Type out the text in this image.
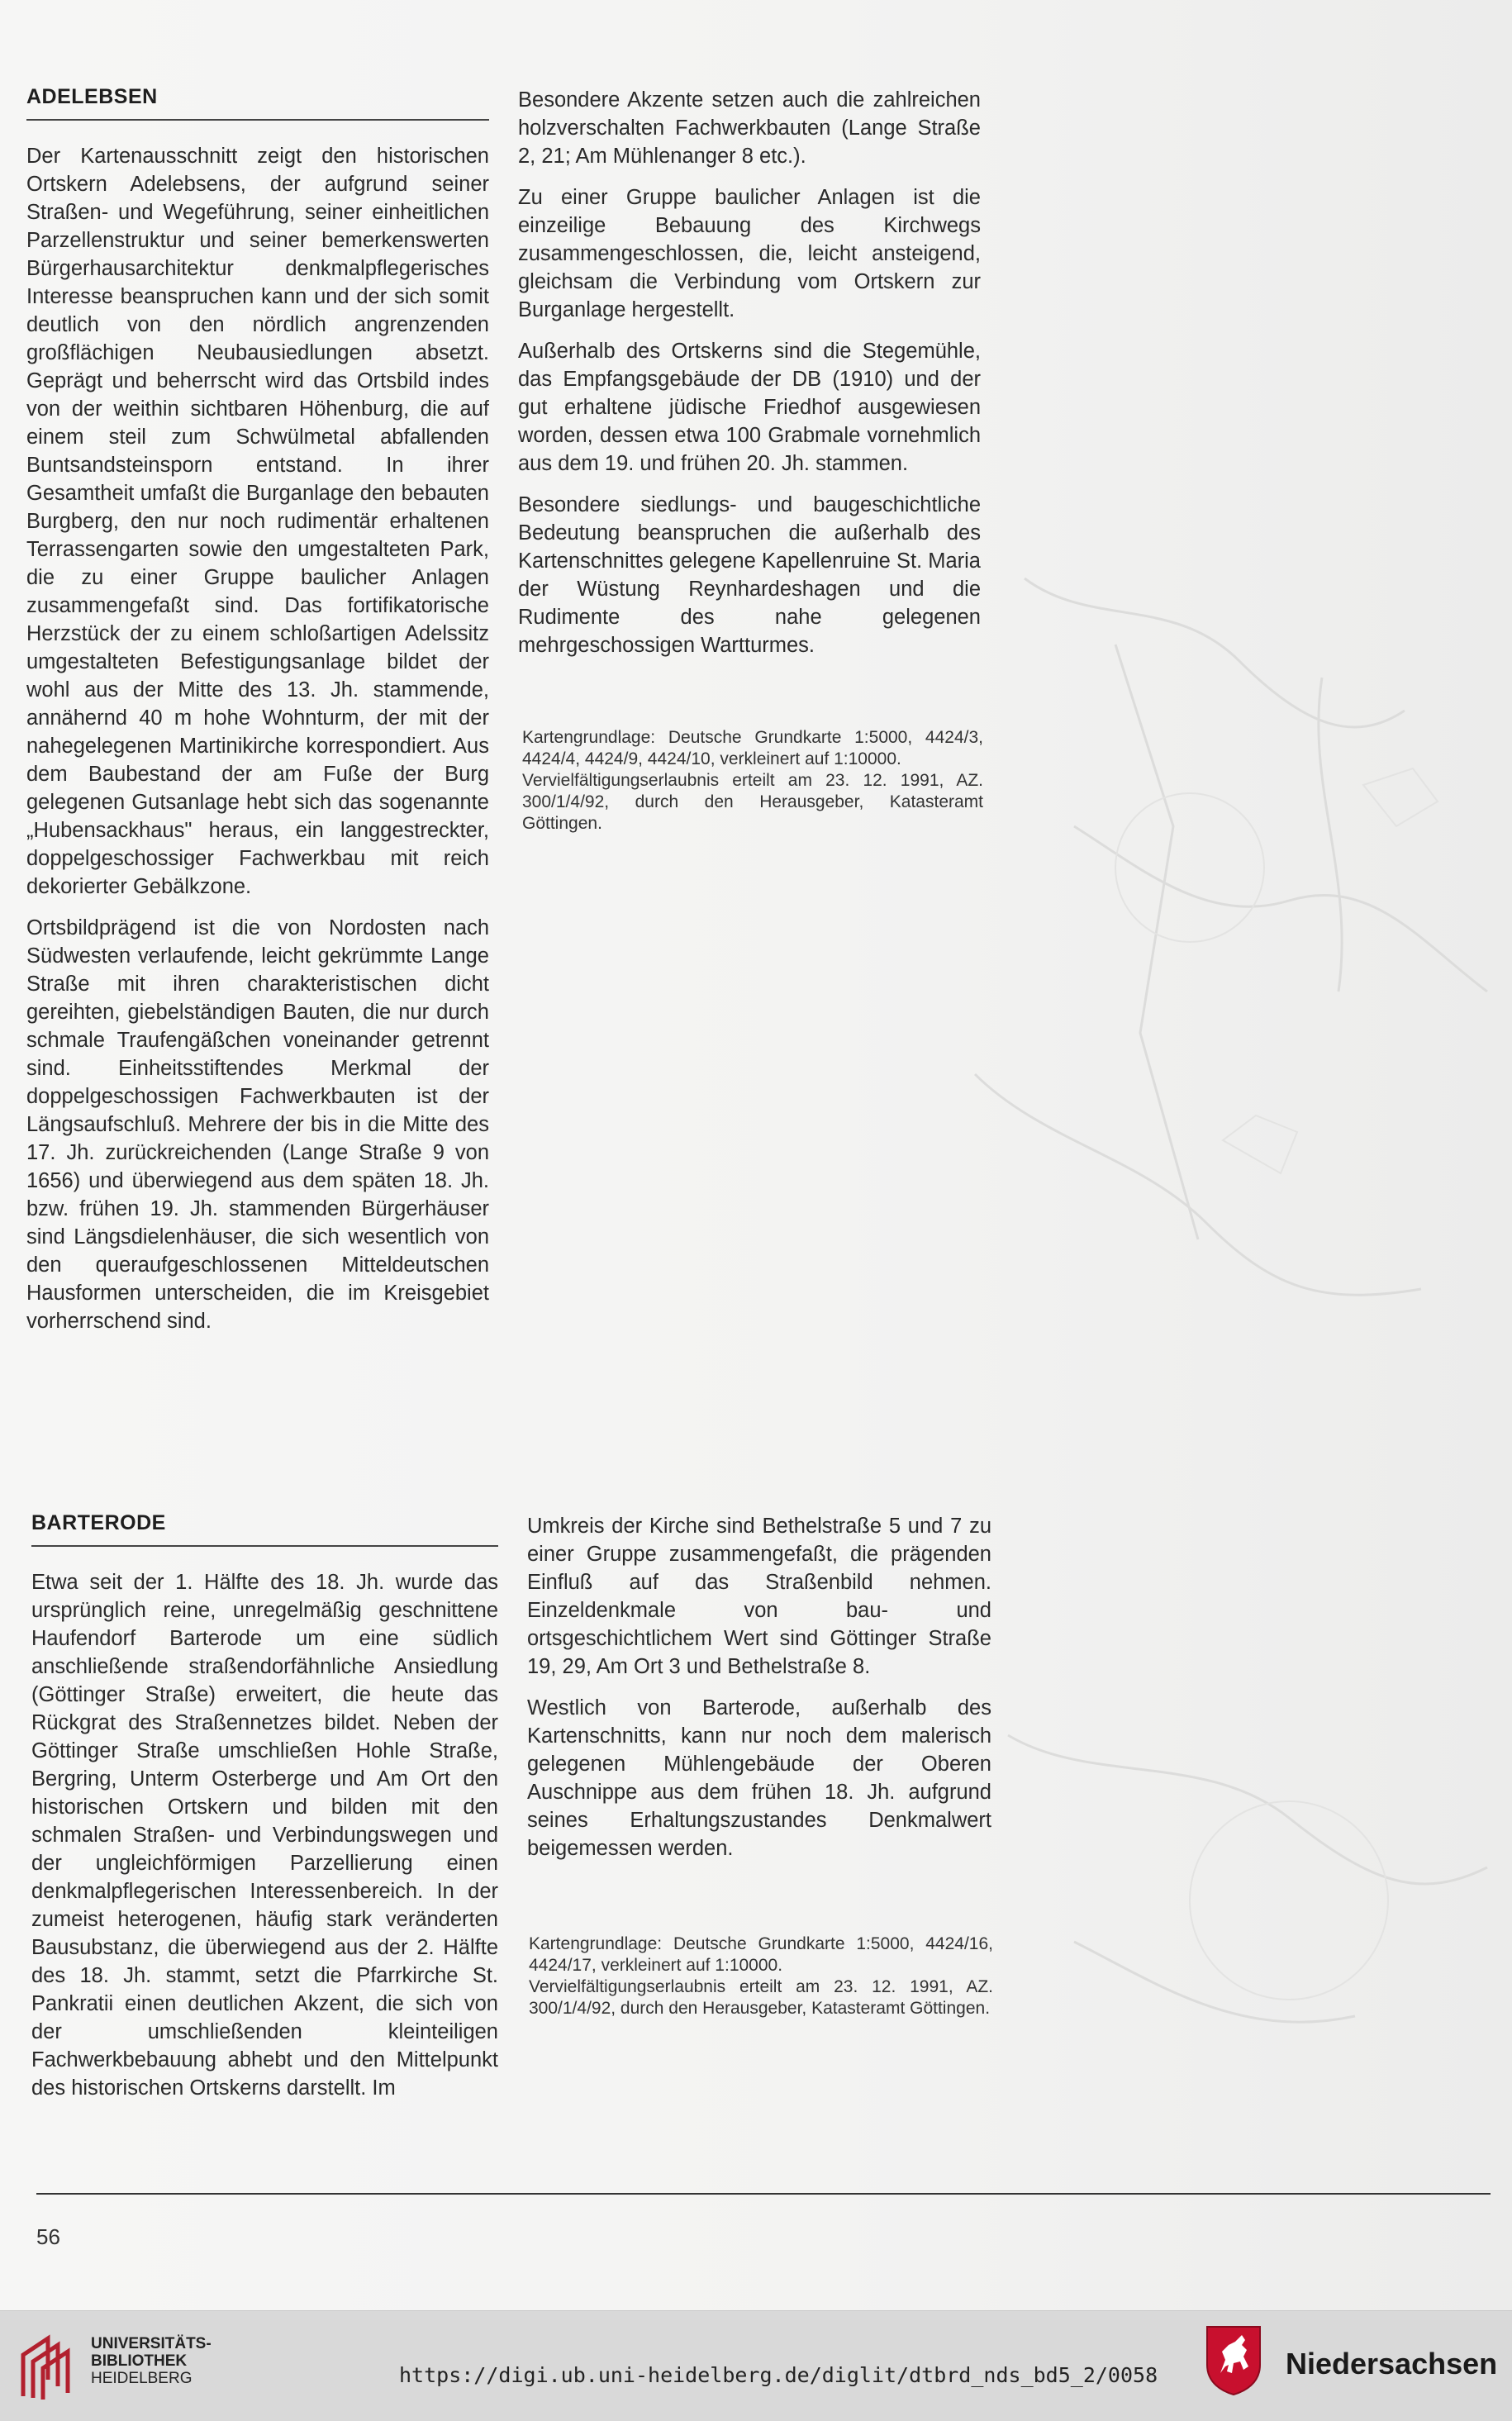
ADELEBSEN

Der Kartenausschnitt zeigt den historischen Ortskern Adelebsens, der aufgrund seiner Straßen- und Wegeführung, seiner einheitlichen Parzellenstruktur und seiner bemerkenswerten Bürgerhausarchitektur denkmalpflegerisches Interesse beanspruchen kann und der sich somit deutlich von den nördlich angrenzenden großflächigen Neubausiedlungen absetzt. Geprägt und beherrscht wird das Ortsbild indes von der weithin sichtbaren Höhenburg, die auf einem steil zum Schwülmetal abfallenden Buntsandsteinsporn entstand. In ihrer Gesamtheit umfaßt die Burganlage den bebauten Burgberg, den nur noch rudimentär erhaltenen Terrassengarten sowie den umgestalteten Park, die zu einer Gruppe baulicher Anlagen zusammengefaßt sind. Das fortifikatorische Herzstück der zu einem schloßartigen Adelssitz umgestalteten Befestigungsanlage bildet der wohl aus der Mitte des 13. Jh. stammende, annähernd 40 m hohe Wohnturm, der mit der nahegelegenen Martinikirche korrespondiert. Aus dem Baubestand der am Fuße der Burg gelegenen Gutsanlage hebt sich das sogenannte „Hubensackhaus" heraus, ein langgestreckter, doppelgeschossiger Fachwerkbau mit reich dekorierter Gebälkzone.

Ortsbildprägend ist die von Nordosten nach Südwesten verlaufende, leicht gekrümmte Lange Straße mit ihren charakteristischen dicht gereihten, giebelständigen Bauten, die nur durch schmale Traufengäßchen voneinander getrennt sind. Einheitsstiftendes Merkmal der doppelgeschossigen Fachwerkbauten ist der Längsaufschluß. Mehrere der bis in die Mitte des 17. Jh. zurückreichenden (Lange Straße 9 von 1656) und überwiegend aus dem späten 18. Jh. bzw. frühen 19. Jh. stammenden Bürgerhäuser sind Längsdielenhäuser, die sich wesentlich von den queraufgeschlossenen Mitteldeutschen Hausformen unterscheiden, die im Kreisgebiet vorherrschend sind.

Besondere Akzente setzen auch die zahlreichen holzverschalten Fachwerkbauten (Lange Straße 2, 21; Am Mühlenanger 8 etc.).

Zu einer Gruppe baulicher Anlagen ist die einzeilige Bebauung des Kirchwegs zusammengeschlossen, die, leicht ansteigend, gleichsam die Verbindung vom Ortskern zur Burganlage hergestellt.

Außerhalb des Ortskerns sind die Stegemühle, das Empfangsgebäude der DB (1910) und der gut erhaltene jüdische Friedhof ausgewiesen worden, dessen etwa 100 Grabmale vornehmlich aus dem 19. und frühen 20. Jh. stammen.

Besondere siedlungs- und baugeschichtliche Bedeutung beanspruchen die außerhalb des Kartenschnittes gelegene Kapellenruine St. Maria der Wüstung Reynhardeshagen und die Rudimente des nahe gelegenen mehrgeschossigen Wartturmes.

Kartengrundlage: Deutsche Grundkarte 1:5000, 4424/3, 4424/4, 4424/9, 4424/10, verkleinert auf 1:10000.

Vervielfältigungserlaubnis erteilt am 23. 12. 1991, AZ. 300/1/4/92, durch den Herausgeber, Katasteramt Göttingen.

BARTERODE

Etwa seit der 1. Hälfte des 18. Jh. wurde das ursprünglich reine, unregelmäßig geschnittene Haufendorf Barterode um eine südlich anschließende straßendorfähnliche Ansiedlung (Göttinger Straße) erweitert, die heute das Rückgrat des Straßennetzes bildet. Neben der Göttinger Straße umschließen Hohle Straße, Bergring, Unterm Osterberge und Am Ort den historischen Ortskern und bilden mit den schmalen Straßen- und Verbindungswegen und der ungleichförmigen Parzellierung einen denkmalpflegerischen Interessenbereich. In der zumeist heterogenen, häufig stark veränderten Bausubstanz, die überwiegend aus der 2. Hälfte des 18. Jh. stammt, setzt die Pfarrkirche St. Pankratii einen deutlichen Akzent, die sich von der umschließenden kleinteiligen Fachwerkbebauung abhebt und den Mittelpunkt des historischen Ortskerns darstellt. Im

Umkreis der Kirche sind Bethelstraße 5 und 7 zu einer Gruppe zusammengefaßt, die prägenden Einfluß auf das Straßenbild nehmen. Einzeldenkmale von bau- und ortsgeschichtlichem Wert sind Göttinger Straße 19, 29, Am Ort 3 und Bethelstraße 8.

Westlich von Barterode, außerhalb des Kartenschnitts, kann nur noch dem malerisch gelegenen Mühlengebäude der Oberen Auschnippe aus dem frühen 18. Jh. aufgrund seines Erhaltungszustandes Denkmalwert beigemessen werden.

Kartengrundlage: Deutsche Grundkarte 1:5000, 4424/16, 4424/17, verkleinert auf 1:10000.

Vervielfältigungserlaubnis erteilt am 23. 12. 1991, AZ. 300/1/4/92, durch den Herausgeber, Katasteramt Göttingen.

56
UNIVERSITÄTS-
BIBLIOTHEK
HEIDELBERG	https://digi.ub.uni-heidelberg.de/diglit/dtbrd_nds_bd5_2/0058	Niedersachsen
